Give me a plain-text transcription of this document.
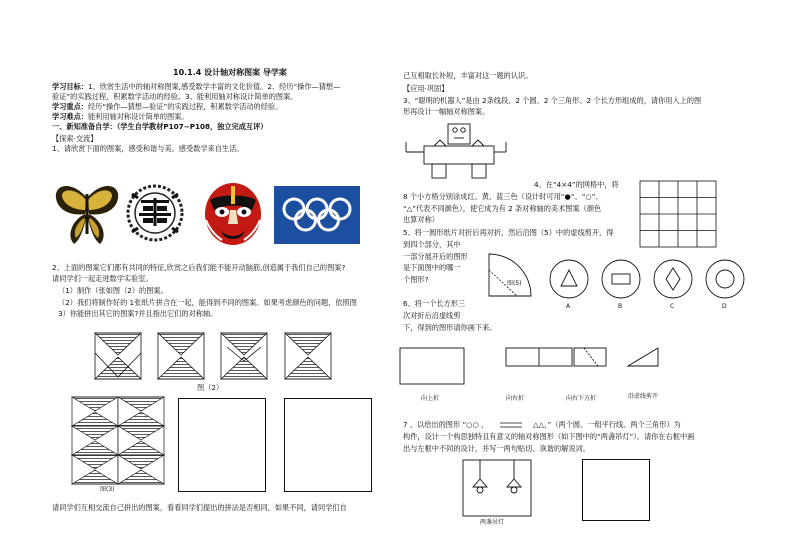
10.1.4 设计轴对称图案 导学案
学习目标：1、欣赏生活中的轴对称图案,感受数学丰富的文化价值。2、经历“操作—猜想—
验证”的实践过程，积累数学活动的经验。3、能利用轴对称设计简单的图案。
学习重点：经历“操作—猜想—验证”的实践过程，积累数学活动的经验。
学习难点：能利用轴对称设计简单的图案。
一、新知准备自学：（学生自学教材P107~P108，独立完成互评）
【探索·交流】
1、请欣赏下面的图案，感受和谐与美。感受数学来自生活。
2、上面的图案它们都有共同的特征,欣赏之后我们能不能开动脑筋,创造属于我们自己的图案?
请同学们一起走进数学实验室。
（1）制作（张如图（2）的图案。
（2）我们将制作好的 1张纸片拼合在一起，能得到不同的图案。如果考虑颜色的问题，依照图
3）你能拼出其它的图案?并且指出它们的对称轴。
图（2）
图(3)
请同学们互相交流自己拼出的图案，看看同学们提出的拼法是否相同，如果不同，请同学们自
己互相取长补短，丰富对这一题的认识。
【应用·巩固】
3、“聪明的机器人”是由 2条线段、2 个圆、2 个三角形、2 个长方形组成的，请你用入上的图
形再设计一幅轴对称图案。
4、在“4×4”的网格中，将
8 个小方格分别涂成红、黄、蓝三色（设计时可用“●”、“○”、
“△”代表不同颜色），使它成为有 2 条对称轴的美术图案（颜色
也算对称）
5、将一圆形纸片对折后再对折，然后沿图（5）中的虚线剪开，得
到四个部分，其中
一部分展开后的图形
是下面图中的哪一
个图形?	图(5)
A	B	C	D
6、将一个长方形三
次对折后沿虚线剪
下，得到的图形请你画下来。
向上折	向右折	向右下方折	沿虚线剪开
7 、以给出的图形 “○○ ，	△△，”（两个圆、一组平行线、两个三角形）为
构件，设计一个构思独特且有意义的轴对称图形（如下图中的“两盏吊灯”）。请你在右框中画
出与左框中不同的设计，并写一两句贴切、诙谐的解说词。
两盏吊灯
